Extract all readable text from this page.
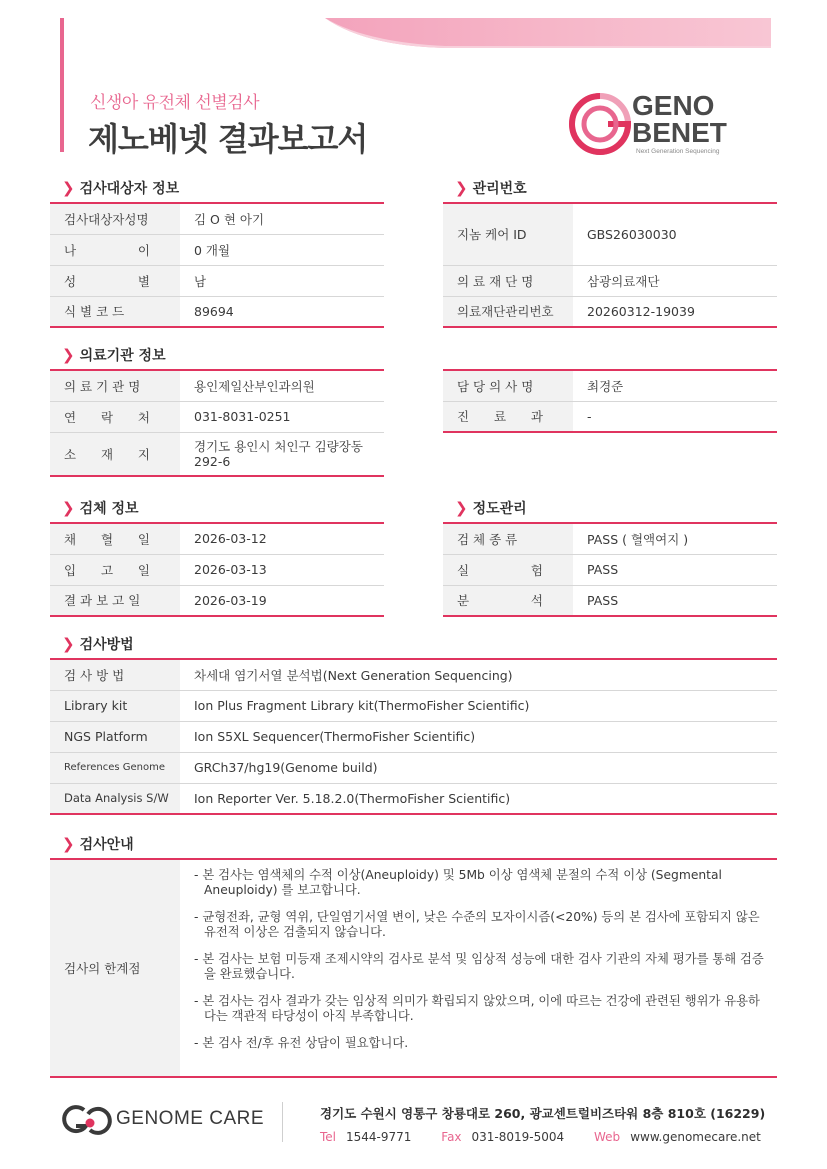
신생아 유전체 선별검사
제노베넷 결과보고서
GENO
BENET
Next Generation Sequencing
❯ 검사대상자 정보
검사대상자성명	김 O 현 아기

나 이	0 개월

성 별	남
식 별 코 드	89694
❯ 관리번호
지놈 케어 ID	GBS26030030
의 료 재 단 명	삼광의료재단
의료재단관리번호	20260312-19039
❯ 의료기관 정보
의 료 기 관 명	용인제일산부인과의원

연 락 처	031-8031-0251

소 재 지	경기도 용인시 처인구 김량장동 292-6
담 당 의 사 명	최경준

진 료 과	-
❯ 검체 정보
채 혈 일	2026-03-12

입 고 일	2026-03-13
결 과 보 고 일	2026-03-19
❯ 정도관리
검 체 종 류	PASS ( 혈액여지 )

실 험	PASS

분 석	PASS
❯ 검사방법
검 사 방 법	차세대 염기서열 분석법(Next Generation Sequencing)
Library kit	Ion Plus Fragment Library kit(ThermoFisher Scientific)
NGS Platform	Ion S5XL Sequencer(ThermoFisher Scientific)
References Genome	GRCh37/hg19(Genome build)
Data Analysis S/W	Ion Reporter Ver. 5.18.2.0(ThermoFisher Scientific)
❯ 검사안내
검사의 한계점	

- 본 검사는 염색체의 수적 이상(Aneuploidy) 및 5Mb 이상 염색체 분절의 수적 이상 (Segmental Aneuploidy) 를 보고합니다.

- 균형전좌, 균형 역위, 단일염기서열 변이, 낮은 수준의 모자이시즘(<20%) 등의 본 검사에 포함되지 않은 유전적 이상은 검출되지 않습니다.

- 본 검사는 보험 미등재 조제시약의 검사로 분석 및 임상적 성능에 대한 검사 기관의 자체 평가를 통해 검증을 완료했습니다.

- 본 검사는 검사 결과가 갖는 임상적 의미가 확립되지 않았으며, 이에 따르는 건강에 관련된 행위가 유용하다는 객관적 타당성이 아직 부족합니다.

- 본 검사 전/후 유전 상담이 필요합니다.

GENOME CARE	경기도 수원시 영통구 창룡대로 260, 광교센트럴비즈타워 8층 810호 (16229)
Tel 1544-9771 Fax 031-8019-5004 Web www.genomecare.net
